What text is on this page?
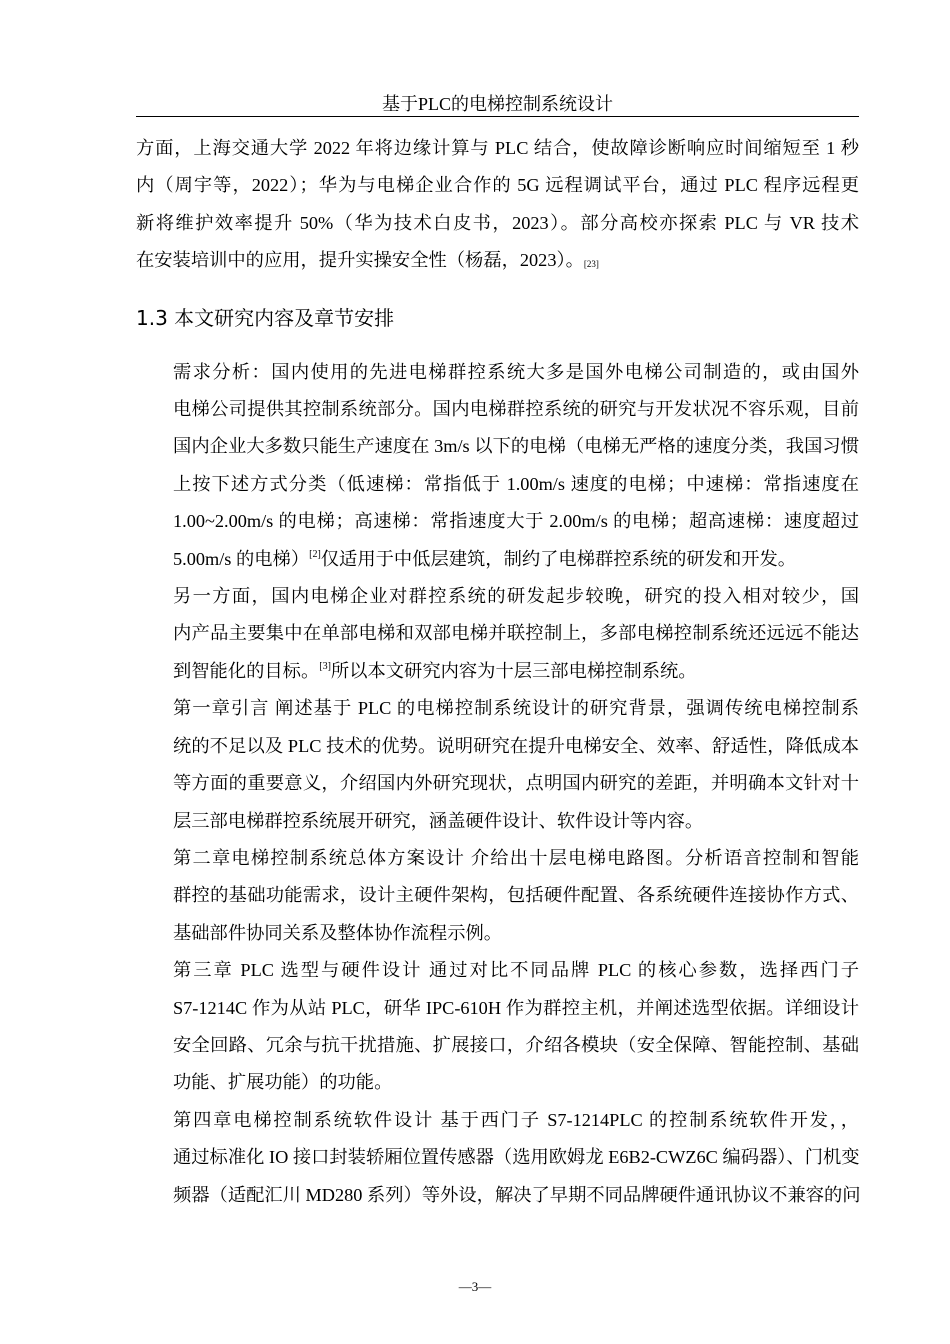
基于PLC的电梯控制系统设计

方面，上海交通大学 2022 年将边缘计算与 PLC 结合，使故障诊断响应时间缩短至 1 秒
内（周宇等，2022）；华为与电梯企业合作的 5G 远程调试平台，通过 PLC 程序远程更
新将维护效率提升 50%（华为技术白皮书，2023）。部分高校亦探索 PLC 与 VR 技术
在安装培训中的应用，提升实操安全性（杨磊，2023）。[23]

1.3 本文研究内容及章节安排

需求分析：国内使用的先进电梯群控系统大多是国外电梯公司制造的，或由国外
电梯公司提供其控制系统部分。国内电梯群控系统的研究与开发状况不容乐观，目前
国内企业大多数只能生产速度在 3m/s 以下的电梯（电梯无严格的速度分类，我国习惯
上按下述方式分类（低速梯：常指低于 1.00m/s 速度的电梯；中速梯：常指速度在
1.00~2.00m/s 的电梯；高速梯：常指速度大于 2.00m/s 的电梯；超高速梯：速度超过
5.00m/s 的电梯）[2]仅适用于中低层建筑，制约了电梯群控系统的研发和开发。

另一方面，国内电梯企业对群控系统的研发起步较晚，研究的投入相对较少，国
内产品主要集中在单部电梯和双部电梯并联控制上，多部电梯控制系统还远远不能达
到智能化的目标。[3]所以本文研究内容为十层三部电梯控制系统。

第一章引言 阐述基于 PLC 的电梯控制系统设计的研究背景，强调传统电梯控制系
统的不足以及 PLC 技术的优势。说明研究在提升电梯安全、效率、舒适性，降低成本
等方面的重要意义，介绍国内外研究现状，点明国内研究的差距，并明确本文针对十
层三部电梯群控系统展开研究，涵盖硬件设计、软件设计等内容。

第二章电梯控制系统总体方案设计 介给出十层电梯电路图。分析语音控制和智能
群控的基础功能需求，设计主硬件架构，包括硬件配置、各系统硬件连接协作方式、
基础部件协同关系及整体协作流程示例。

第三章 PLC 选型与硬件设计 通过对比不同品牌 PLC 的核心参数，选择西门子
S7-1214C 作为从站 PLC，研华 IPC-610H 作为群控主机，并阐述选型依据。详细设计
安全回路、冗余与抗干扰措施、扩展接口，介绍各模块（安全保障、智能控制、基础
功能、扩展功能）的功能。

第四章电梯控制系统软件设计 基于西门子 S7-1214PLC 的控制系统软件开发，，
通过标准化 IO 接口封装轿厢位置传感器（选用欧姆龙 E6B2-CWZ6C 编码器）、门机变
频器（适配汇川 MD280 系列）等外设，解决了早期不同品牌硬件通讯协议不兼容的问

—3—
